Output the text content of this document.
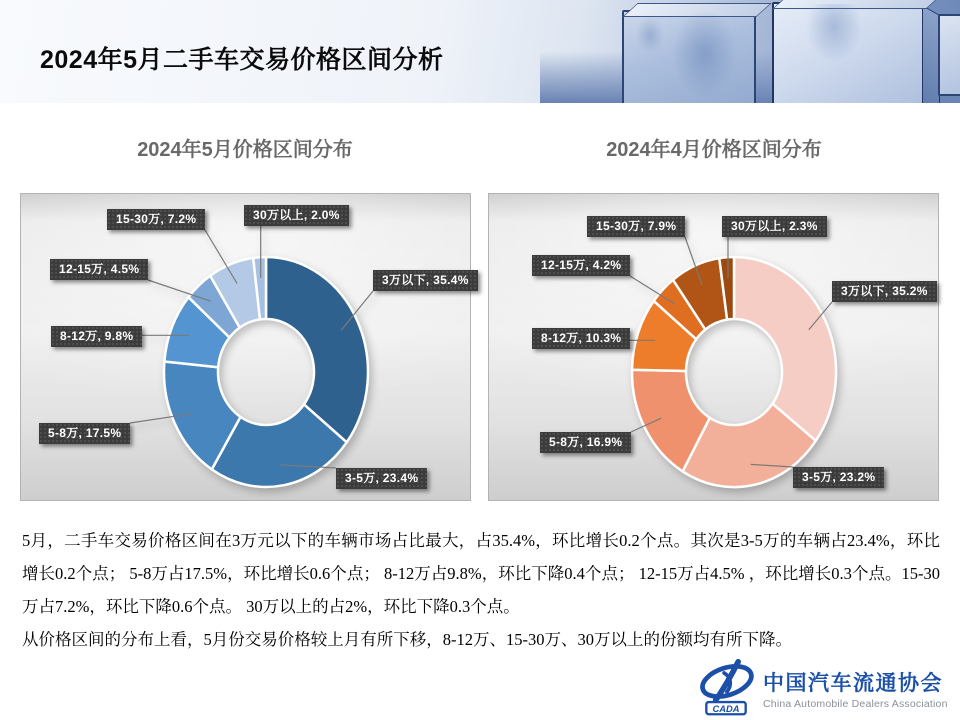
2024年5月二手车交易价格区间分析
2024年5月价格区间分布	2024年4月价格区间分布
3万以下, 35.4%
3-5万, 23.4%
5-8万, 17.5%
8-12万, 9.8%
12-15万, 4.5%
15-30万, 7.2%	30万以上, 2.0%
3万以下, 35.2%
3-5万, 23.2%
5-8万, 16.9%
8-12万, 10.3%
12-15万, 4.2%
15-30万, 7.9%	30万以上, 2.3%

5月，二手车交易价格区间在3万元以下的车辆市场占比最大，占35.4%，环比增长0.2个点。其次是3-5万的车辆占23.4%，环比增长0.2个点； 5-8万占17.5%，环比增长0.6个点； 8-12万占9.8%，环比下降0.4个点； 12-15万占4.5% ，环比增长0.3个点。15-30万占7.2%，环比下降0.6个点。 30万以上的占2%，环比下降0.3个点。

从价格区间的分布上看，5月份交易价格较上月有所下移，8-12万、15-30万、30万以上的份额均有所下降。

CADA
中国汽车流通协会
China Automobile Dealers Association
